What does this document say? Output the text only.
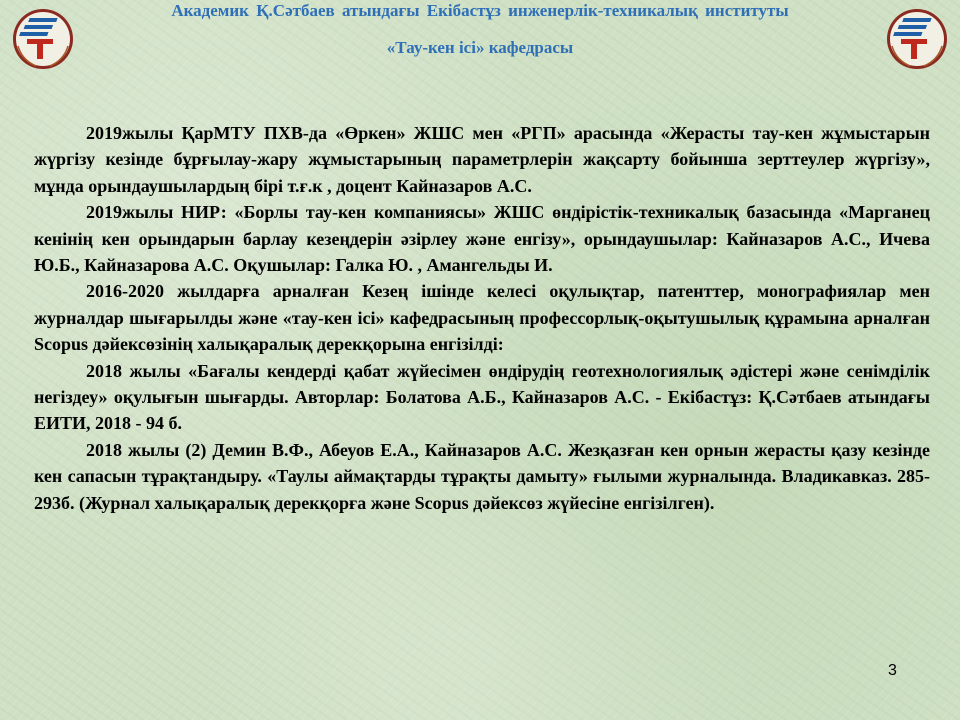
Академик Қ.Сәтбаев атындағы Екібастұз инженерлік-техникалық институты
«Тау-кен ісі» кафедрасы

2019жылы ҚарМТУ ПХВ-да «Өркен» ЖШС мен «РГП» арасында «Жерасты тау-кен жұмыстарын жүргізу кезінде бұрғылау-жару жұмыстарының параметрлерін жақсарту бойынша зерттеулер жүргізу», мұнда орындаушылардың бірі т.ғ.к , доцент Кайназаров А.С.

2019жылы НИР: «Борлы тау-кен компаниясы» ЖШС өндірістік-техникалық базасында «Марганец кенінің кен орындарын барлау кезеңдерін әзірлеу және енгізу», орындаушылар: Кайназаров А.С., Ичева Ю.Б., Кайназарова А.С. Оқушылар: Галка Ю. , Амангельды И.

2016-2020 жылдарға арналған Кезең ішінде келесі оқулықтар, патенттер, монографиялар мен журналдар шығарылды және «тау-кен ісі» кафедрасының профессорлық-оқытушылық құрамына арналған Scopus дәйексөзінің халықаралық дерекқорына енгізілді:

2018 жылы «Бағалы кендерді қабат жүйесімен өндірудің геотехнологиялық әдістері және сенімділік негіздеу» оқулығын шығарды. Авторлар: Болатова А.Б., Кайназаров А.С. - Екібастұз: Қ.Сәтбаев атындағы ЕИТИ, 2018 - 94 б.

2018 жылы (2) Демин В.Ф., Абеуов Е.А., Кайназаров А.С. Жезқазған кен орнын жерасты қазу кезінде кен сапасын тұрақтандыру. «Таулы аймақтарды тұрақты дамыту» ғылыми журналында. Владикавказ. 285-293б. (Журнал халықаралық дерекқорға және Scopus дәйексөз жүйесіне енгізілген).

3
